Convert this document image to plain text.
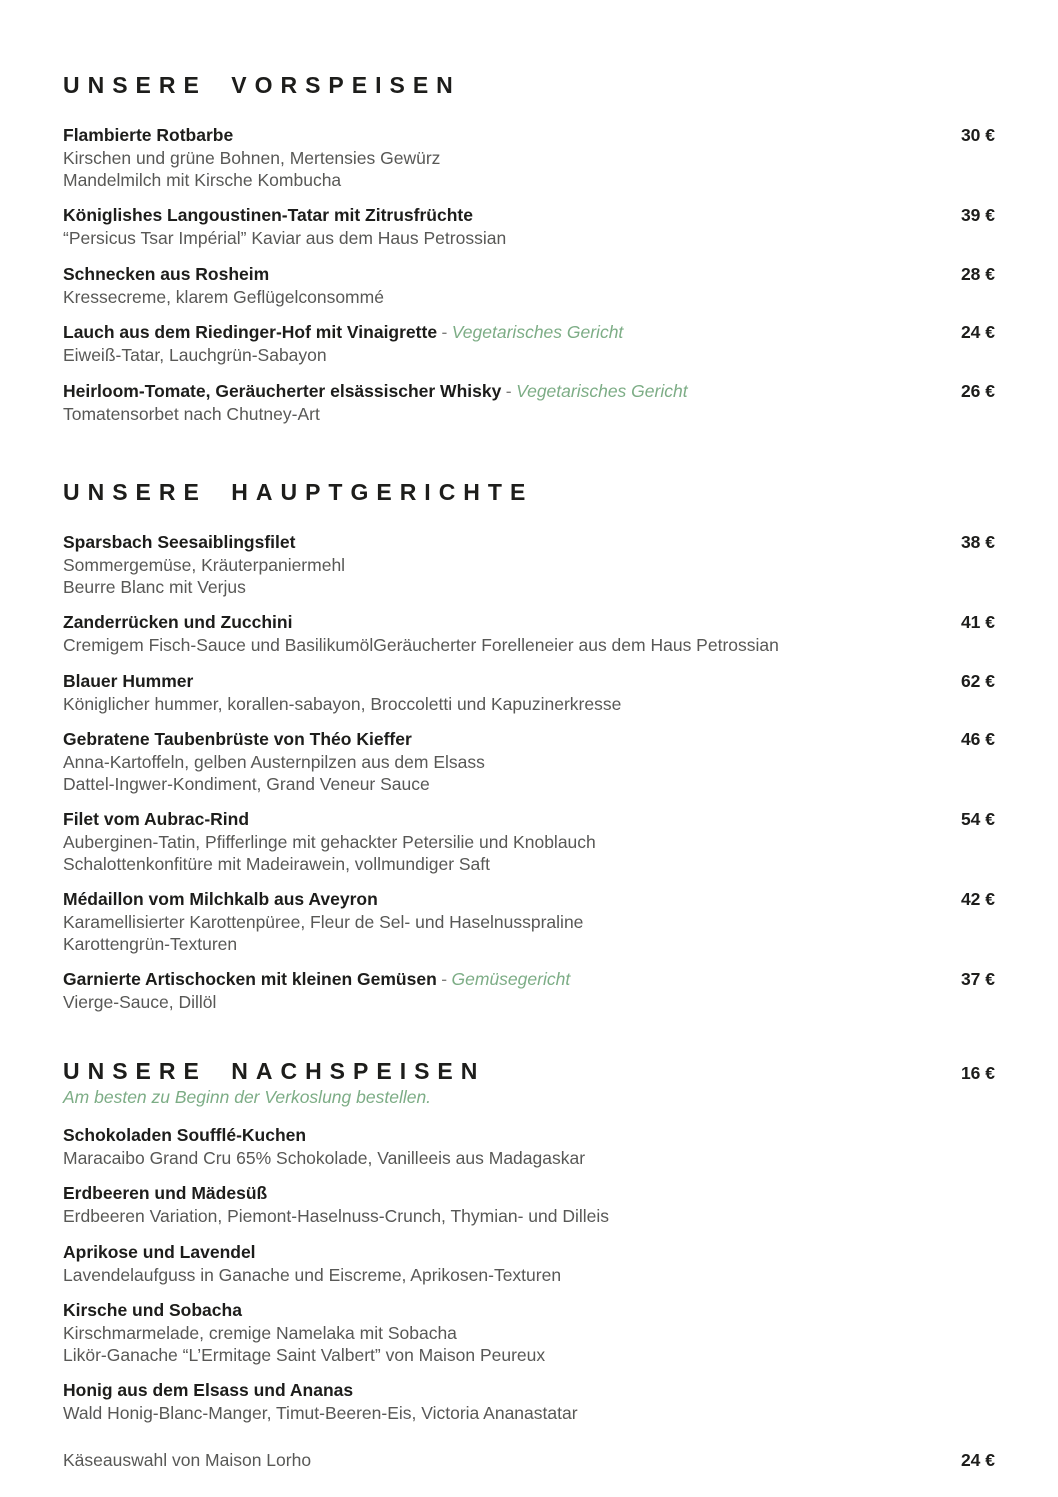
UNSERE VORSPEISEN
Flambierte Rotbarbe	30 €
Kirschen und grüne Bohnen, Mertensies Gewürz
Mandelmilch mit Kirsche Kombucha
Königlishes Langoustinen-Tatar mit Zitrusfrüchte	39 €
“Persicus Tsar Impérial” Kaviar aus dem Haus Petrossian
Schnecken aus Rosheim	28 €
Kressecreme, klarem Geflügelconsommé
Lauch aus dem Riedinger-Hof mit Vinaigrette - Vegetarisches Gericht	24 €
Eiweiß-Tatar, Lauchgrün-Sabayon
Heirloom-Tomate, Geräucherter elsässischer Whisky - Vegetarisches Gericht	26 €
Tomatensorbet nach Chutney-Art
UNSERE HAUPTGERICHTE
Sparsbach Seesaiblingsfilet	38 €
Sommergemüse, Kräuterpaniermehl
Beurre Blanc mit Verjus
Zanderrücken und Zucchini	41 €
Cremigem Fisch-Sauce und BasilikumölGeräucherter Forelleneier aus dem Haus Petrossian
Blauer Hummer	62 €
Königlicher hummer, korallen-sabayon, Broccoletti und Kapuzinerkresse
Gebratene Taubenbrüste von Théo Kieffer	46 €
Anna-Kartoffeln, gelben Austernpilzen aus dem Elsass
Dattel-Ingwer-Kondiment, Grand Veneur Sauce
Filet vom Aubrac-Rind	54 €
Auberginen-Tatin, Pfifferlinge mit gehackter Petersilie und Knoblauch
Schalottenkonfitüre mit Madeirawein, vollmundiger Saft
Médaillon vom Milchkalb aus Aveyron	42 €
Karamellisierter Karottenpüree, Fleur de Sel- und Haselnusspraline
Karottengrün-Texturen
Garnierte Artischocken mit kleinen Gemüsen - Gemüsegericht	37 €
Vierge-Sauce, Dillöl
UNSERE NACHSPEISEN	16 €
Am besten zu Beginn der Verkoslung bestellen.
Schokoladen Soufflé-Kuchen
Maracaibo Grand Cru 65% Schokolade, Vanilleeis aus Madagaskar
Erdbeeren und Mädesüß
Erdbeeren Variation, Piemont-Haselnuss-Crunch, Thymian- und Dilleis
Aprikose und Lavendel
Lavendelaufguss in Ganache und Eiscreme, Aprikosen-Texturen
Kirsche und Sobacha
Kirschmarmelade, cremige Namelaka mit Sobacha
Likör-Ganache “L’Ermitage Saint Valbert” von Maison Peureux
Honig aus dem Elsass und Ananas
Wald Honig-Blanc-Manger, Timut-Beeren-Eis, Victoria Ananastatar
Käseauswahl von Maison Lorho	24 €
